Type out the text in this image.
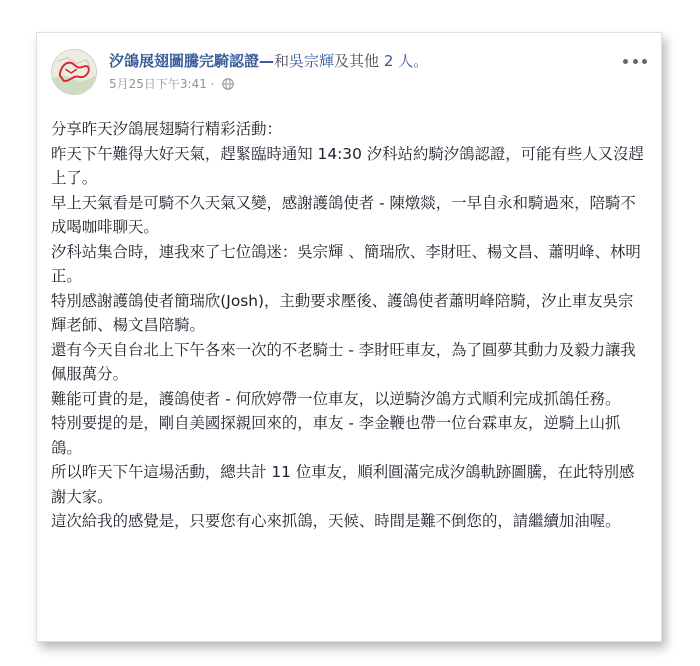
汐鴿展翅圖騰完騎認證—和吳宗輝及其他 2 人。
5月25日下午3:41 ·

分享昨天汐鴿展翅騎行精彩活動：

昨天下午難得大好天氣，趕緊臨時通知 14:30 汐科站約騎汐鴿認證，可能有些人又沒趕上了。

早上天氣看是可騎不久天氣又變，感謝護鴿使者 - 陳燉燚，一早自永和騎過來，陪騎不成喝咖啡聊天。

汐科站集合時，連我來了七位鴿迷：吳宗輝 、簡瑞欣、李財旺、楊文昌、蕭明峰、林明正。

特別感謝護鴿使者簡瑞欣(Josh)，主動要求壓後、護鴿使者蕭明峰陪騎，汐止車友吳宗輝老師、楊文昌陪騎。

還有今天自台北上下午各來一次的不老騎士 - 李財旺車友，為了圓夢其動力及毅力讓我佩服萬分。

難能可貴的是，護鴿使者 - 何欣婷帶一位車友，以逆騎汐鴿方式順利完成抓鴿任務。

特別要提的是，剛自美國探親回來的，車友 - 李金鞭也帶一位台霖車友，逆騎上山抓鴿。

所以昨天下午這場活動，總共計 11 位車友，順利圓滿完成汐鴿軌跡圖騰，在此特別感謝大家。

這次給我的感覺是，只要您有心來抓鴿，天候、時間是難不倒您的，請繼續加油喔。
